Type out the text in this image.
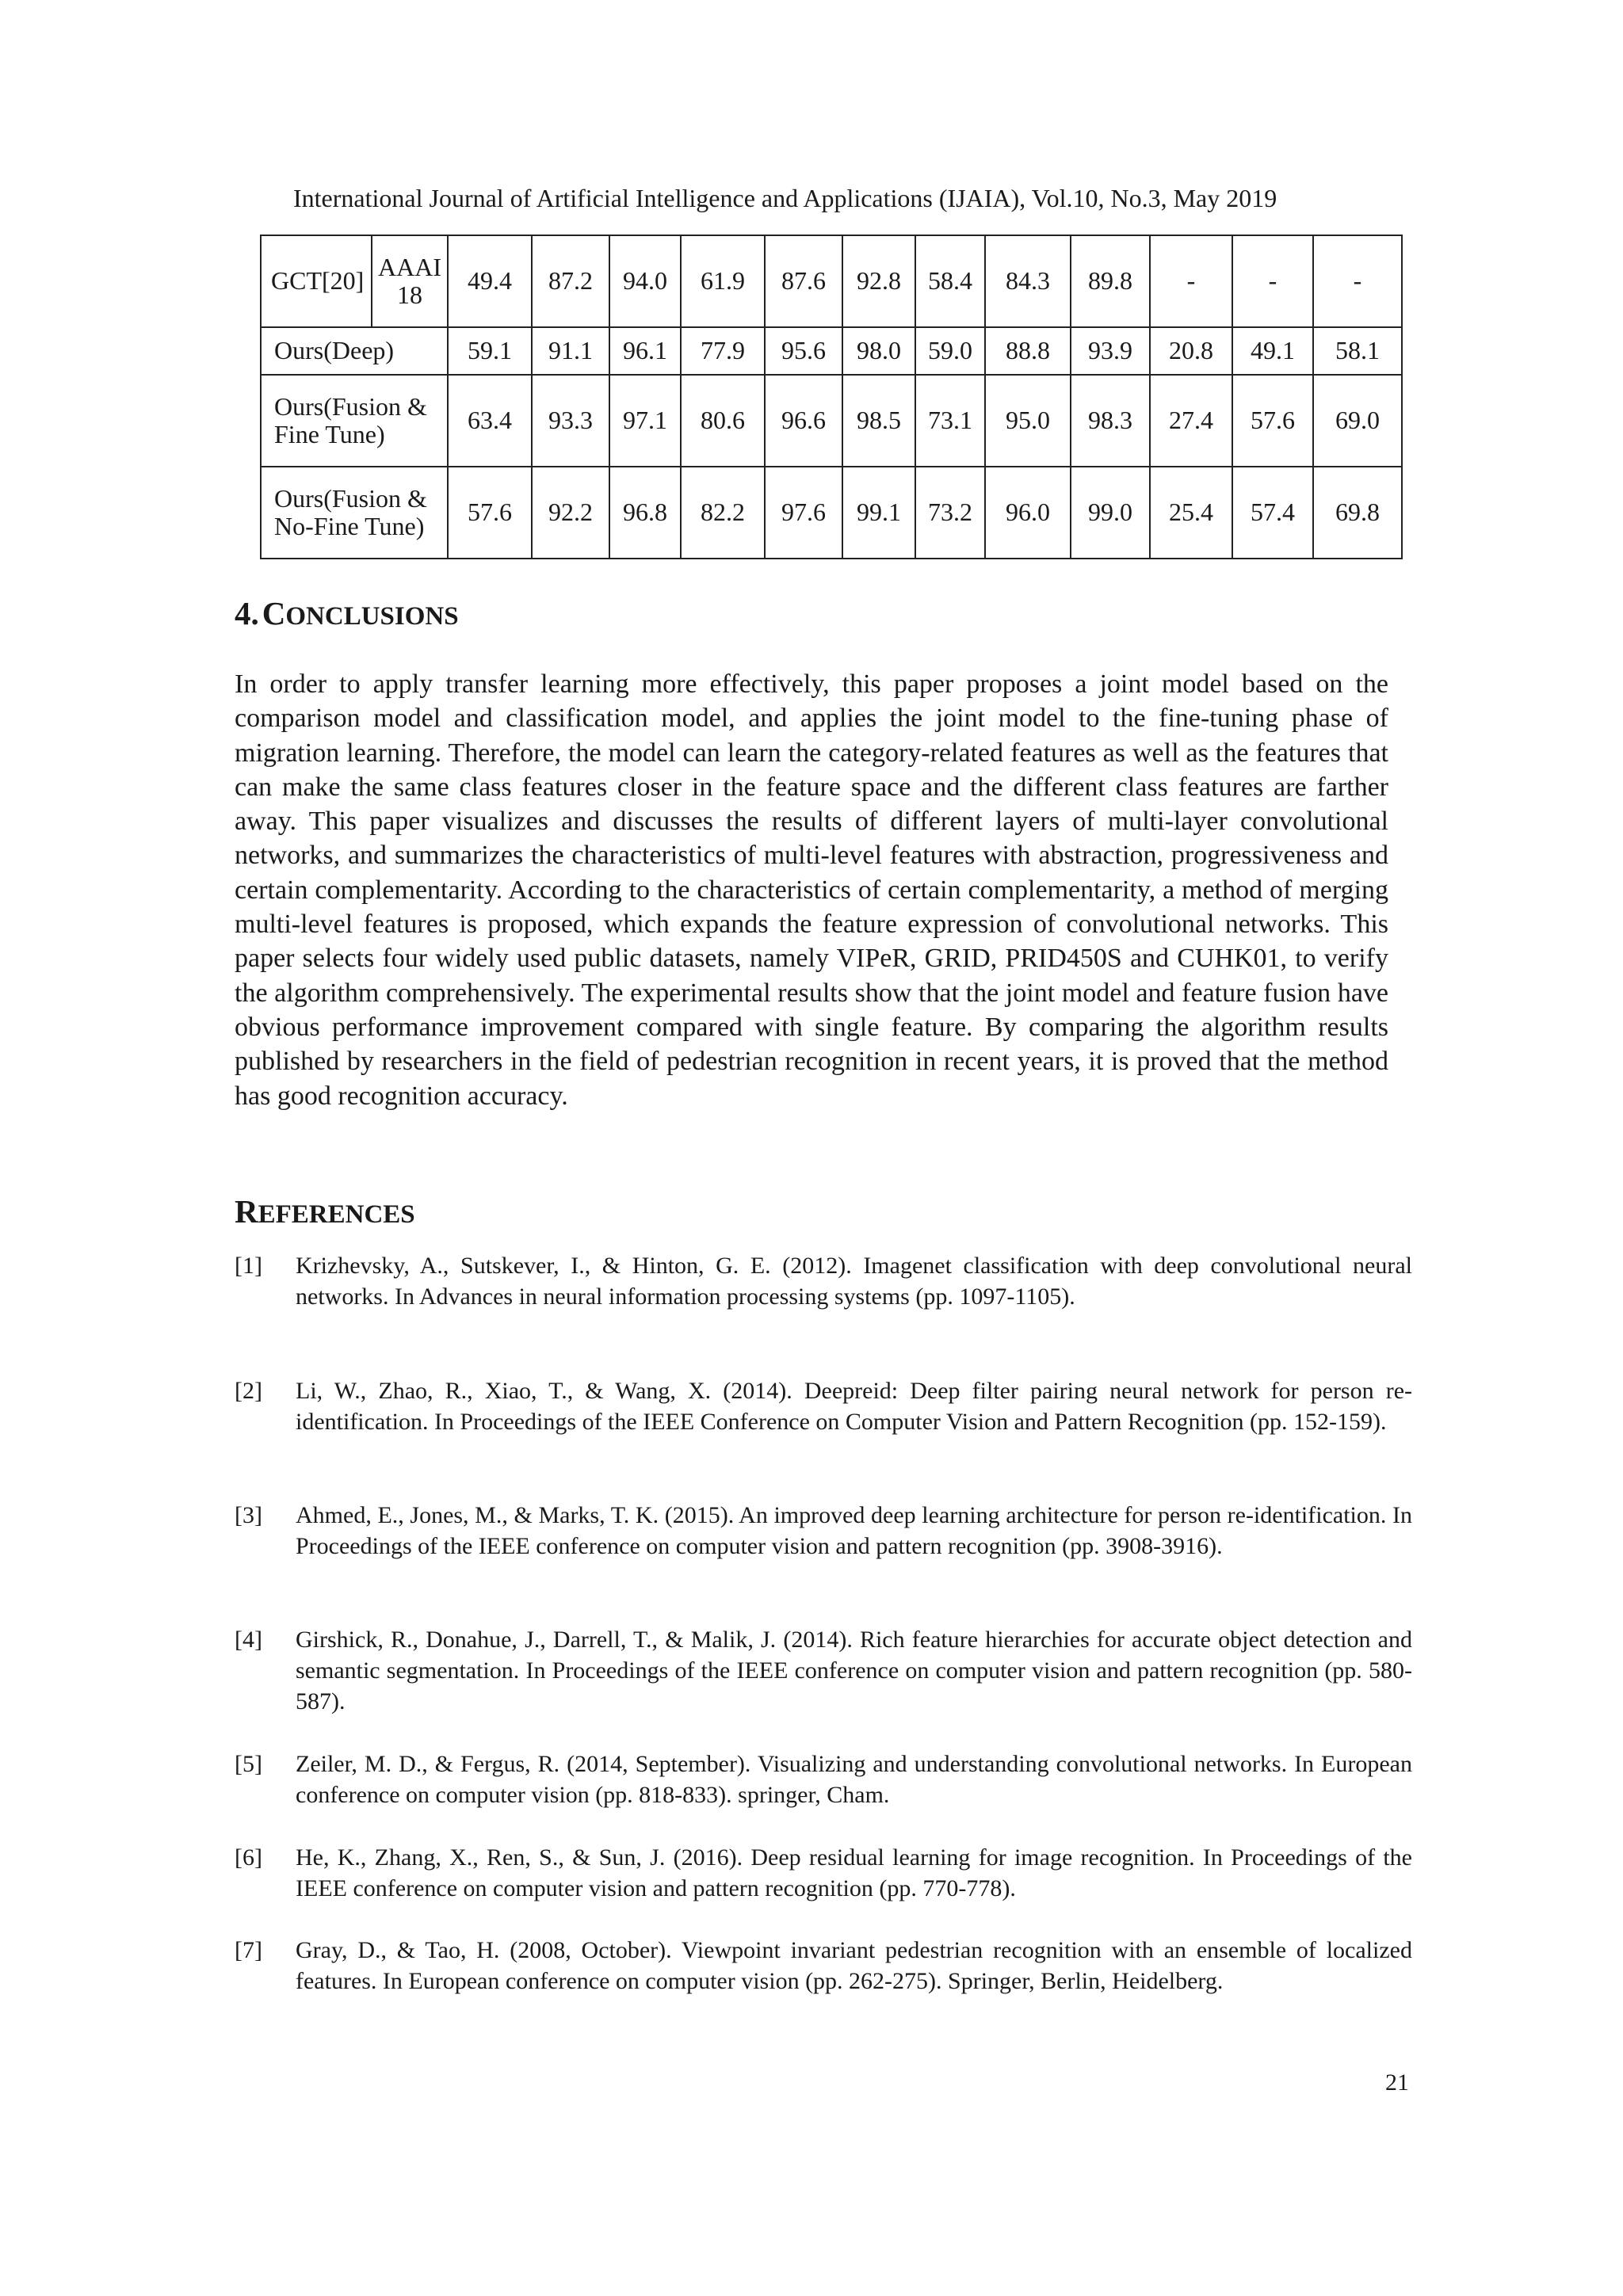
International Journal of Artificial Intelligence and Applications (IJAIA), Vol.10, No.3, May 2019
GCT[20]	AAAI18	49.4	87.2	94.0	61.9	87.6	92.8	58.4	84.3	89.8	-	-	-
Ours(Deep)		59.1	91.1	96.1	77.9	95.6	98.0	59.0	88.8	93.9	20.8	49.1	58.1
Ours(Fusion & Fine Tune)		63.4	93.3	97.1	80.6	96.6	98.5	73.1	95.0	98.3	27.4	57.6	69.0
Ours(Fusion & No-Fine Tune)		57.6	92.2	96.8	82.2	97.6	99.1	73.2	96.0	99.0	25.4	57.4	69.8
4. CONCLUSIONS

In order to apply transfer learning more effectively, this paper proposes a joint model based on the comparison model and classification model, and applies the joint model to the fine-tuning phase of migration learning. Therefore, the model can learn the category-related features as well as the features that can make the same class features closer in the feature space and the different class features are farther away. This paper visualizes and discusses the results of different layers of multi-layer convolutional networks, and summarizes the characteristics of multi-level features with abstraction, progressiveness and certain complementarity. According to the characteristics of certain complementarity, a method of merging multi-level features is proposed, which expands the feature expression of convolutional networks. This paper selects four widely used public datasets, namely VIPeR, GRID, PRID450S and CUHK01, to verify the algorithm comprehensively. The experimental results show that the joint model and feature fusion have obvious performance improvement compared with single feature. By comparing the algorithm results published by researchers in the field of pedestrian recognition in recent years, it is proved that the method has good recognition accuracy.

REFERENCES
[1] Krizhevsky, A., Sutskever, I., & Hinton, G. E. (2012). Imagenet classification with deep convolutional neural networks. In Advances in neural information processing systems (pp. 1097-1105).
[2] Li, W., Zhao, R., Xiao, T., & Wang, X. (2014). Deepreid: Deep filter pairing neural network for person re-identification. In Proceedings of the IEEE Conference on Computer Vision and Pattern Recognition (pp. 152-159).
[3] Ahmed, E., Jones, M., & Marks, T. K. (2015). An improved deep learning architecture for person re-identification. In Proceedings of the IEEE conference on computer vision and pattern recognition (pp. 3908-3916).
[4] Girshick, R., Donahue, J., Darrell, T., & Malik, J. (2014). Rich feature hierarchies for accurate object detection and semantic segmentation. In Proceedings of the IEEE conference on computer vision and pattern recognition (pp. 580-587).
[5] Zeiler, M. D., & Fergus, R. (2014, September). Visualizing and understanding convolutional networks. In European conference on computer vision (pp. 818-833). springer, Cham.
[6] He, K., Zhang, X., Ren, S., & Sun, J. (2016). Deep residual learning for image recognition. In Proceedings of the IEEE conference on computer vision and pattern recognition (pp. 770-778).
[7] Gray, D., & Tao, H. (2008, October). Viewpoint invariant pedestrian recognition with an ensemble of localized features. In European conference on computer vision (pp. 262-275). Springer, Berlin, Heidelberg.
21
